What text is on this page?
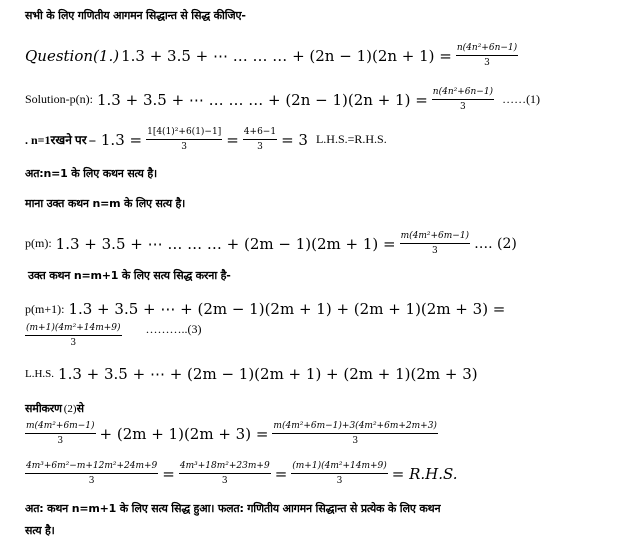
सभी के लिए गणितीय आगमन सिद्धान्त से सिद्ध कीजिए-
Question(1.) 1.3 + 3.5 + ⋯ … … … + $(2n - 1)(2n + 1) = \frac{\text{n(4n²+6n−1)}}{3}$
Solution-p(n): 1.3 + 3.5 + ⋯ … … … + $(2n - 1)(2n + 1) = \frac{\text{n(4n²+6n−1)}}{3}$ ……(1)
. n=1रखने पर – $1.3 = \frac{\text{1[4(1)²+6(1)−1]}}{3} = \frac{4+6-1}{3} = 3$ L.H.S.=R.H.S.
अत:n=1 के लिए कथन सत्य है।
माना उक्त कथन n=m के लिए सत्य है।
p(m): 1.3 + 3.5 + ⋯ … … … + $(2m - 1)(2m + 1) = \frac{\text{m(4m²+6m−1)}}{3}$ …. (2)
उक्त कथन n=m+1 के लिए सत्य सिद्ध करना है-
p(m+1): 1.3 + 3.5 + ⋯ + (2m − 1)(2m + 1) + (2m + 1)(2m + 3) =
$\frac{\text{(m+1)(4m²+14m+9)}}{3}$ ………..(3)
L.H.S. 1.3 + 3.5 + ⋯ + (2m − 1)(2m + 1) + (2m + 1)(2m + 3)
समीकरण (2) से
$\frac{\text{m(4m²+6m−1)}}{3} + (2m + 1)(2m + 3) = \frac{\text{m(4m²+6m−1)+3(4m²+6m+2m+3)}}{3}$
$\frac{\text{4m³+6m²−m+12m²+24m+9}}{3} = \frac{\text{4m³+18m²+23m+9}}{3} = \frac{\text{(m+1)(4m²+14m+9)}}{3} = R.H.S$.
अत: कथन n=m+1 के लिए सत्य सिद्ध हुआ। फलत: गणितीय आगमन सिद्धान्त से प्रत्येक के लिए कथन
सत्य है।
